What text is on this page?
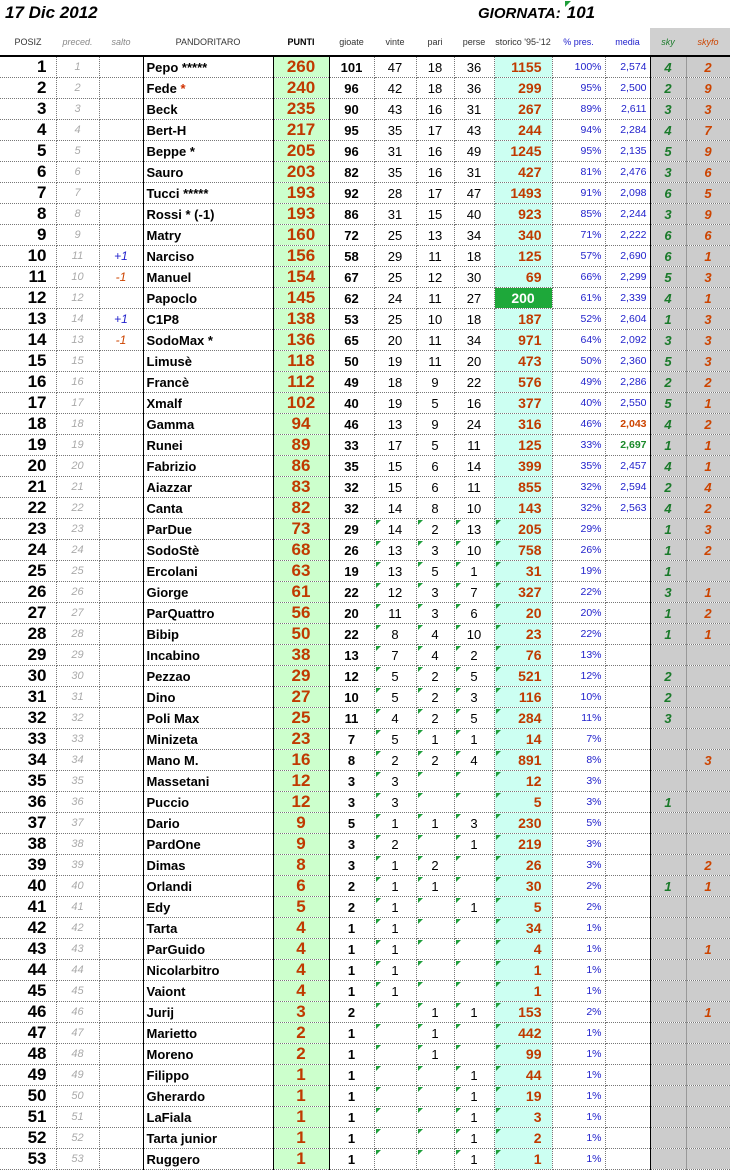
17 Dic 2012	GIORNATA: 101
POSIZ	preced.	salto	PANDORITARO	PUNTI	gioate	vinte	pari	perse	storico '95-'12	% pres.	media	sky	skyfo
1	1		Pepo *****	260	101	47	18	36	1155	100%	2,574	4	2
2	2		Fede *	240	96	42	18	36	299	95%	2,500	2	9
3	3		Beck	235	90	43	16	31	267	89%	2,611	3	3
4	4		Bert-H	217	95	35	17	43	244	94%	2,284	4	7
5	5		Beppe *	205	96	31	16	49	1245	95%	2,135	5	9
6	6		Sauro	203	82	35	16	31	427	81%	2,476	3	6
7	7		Tucci *****	193	92	28	17	47	1493	91%	2,098	6	5
8	8		Rossi * (-1)	193	86	31	15	40	923	85%	2,244	3	9
9	9		Matry	160	72	25	13	34	340	71%	2,222	6	6
10	11	+1	Narciso	156	58	29	11	18	125	57%	2,690	6	1
11	10	-1	Manuel	154	67	25	12	30	69	66%	2,299	5	3
12	12		Papoclo	145	62	24	11	27	200	61%	2,339	4	1
13	14	+1	C1P8	138	53	25	10	18	187	52%	2,604	1	3
14	13	-1	SodoMax *	136	65	20	11	34	971	64%	2,092	3	3
15	15		Limusè	118	50	19	11	20	473	50%	2,360	5	3
16	16		Francè	112	49	18	9	22	576	49%	2,286	2	2
17	17		Xmalf	102	40	19	5	16	377	40%	2,550	5	1
18	18		Gamma	94	46	13	9	24	316	46%	2,043	4	2
19	19		Runei	89	33	17	5	11	125	33%	2,697	1	1
20	20		Fabrizio	86	35	15	6	14	399	35%	2,457	4	1
21	21		Aiazzar	83	32	15	6	11	855	32%	2,594	2	4
22	22		Canta	82	32	14	8	10	143	32%	2,563	4	2
23	23		ParDue	73	29	14	2	13	205	29%		1	3
24	24		SodoStè	68	26	13	3	10	758	26%		1	2
25	25		Ercolani	63	19	13	5	1	31	19%		1	
26	26		Giorge	61	22	12	3	7	327	22%		3	1
27	27		ParQuattro	56	20	11	3	6	20	20%		1	2
28	28		Bibip	50	22	8	4	10	23	22%		1	1
29	29		Incabino	38	13	7	4	2	76	13%			
30	30		Pezzao	29	12	5	2	5	521	12%		2	
31	31		Dino	27	10	5	2	3	116	10%		2	
32	32		Poli Max	25	11	4	2	5	284	11%		3	
33	33		Minizeta	23	7	5	1	1	14	7%			
34	34		Mano M.	16	8	2	2	4	891	8%			3
35	35		Massetani	12	3	3			12	3%			
36	36		Puccio	12	3	3			5	3%		1	
37	37		Dario	9	5	1	1	3	230	5%			
38	38		PardOne	9	3	2		1	219	3%			
39	39		Dimas	8	3	1	2		26	3%			2
40	40		Orlandi	6	2	1	1		30	2%		1	1
41	41		Edy	5	2	1		1	5	2%			
42	42		Tarta	4	1	1			34	1%			
43	43		ParGuido	4	1	1			4	1%			1
44	44		Nicolarbitro	4	1	1			1	1%			
45	45		Vaiont	4	1	1			1	1%			
46	46		Jurij	3	2		1	1	153	2%			1
47	47		Marietto	2	1		1		442	1%			
48	48		Moreno	2	1		1		99	1%			
49	49		Filippo	1	1			1	44	1%			
50	50		Gherardo	1	1			1	19	1%			
51	51		LaFiala	1	1			1	3	1%			
52	52		Tarta junior	1	1			1	2	1%			
53	53		Ruggero	1	1			1	1	1%			
